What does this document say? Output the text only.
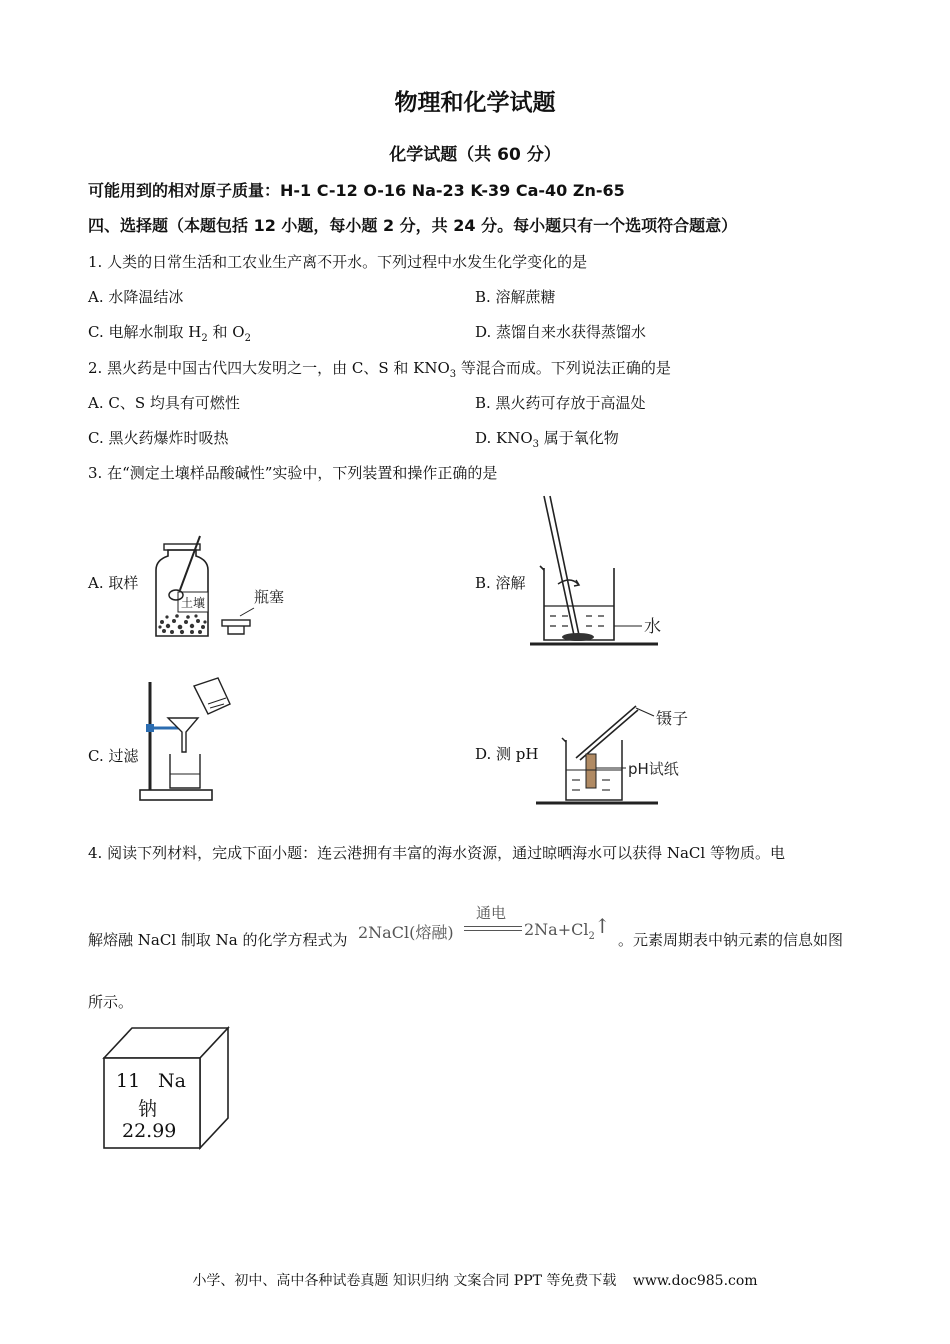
物理和化学试题
化学试题（共 60 分）
可能用到的相对原子质量：H-1 C-12 O-16 Na-23 K-39 Ca-40 Zn-65
四、选择题（本题包括 12 小题，每小题 2 分，共 24 分。每小题只有一个选项符合题意）
1. 人类的日常生活和工农业生产离不开水。下列过程中水发生化学变化的是
A. 水降温结冰	B. 溶解蔗糖
C. 电解水制取 $H_2$ 和 $O_2$	D. 蒸馏自来水获得蒸馏水
2. 黑火药是中国古代四大发明之一，由 C、S 和 $KNO_3$ 等混合而成。下列说法正确的是
A. C、S 均具有可燃性	B. 黑火药可存放于高温处
C. 黑火药爆炸时吸热	D. $KNO_3$ 属于氧化物
3. 在“测定土壤样品酸碱性”实验中，下列装置和操作正确的是
A. 取样	B. 溶解
C. 过滤	D. 测 pH
土壤	瓶塞
水
镊子
pH试纸
4. 阅读下列材料，完成下面小题：连云港拥有丰富的海水资源，通过晾晒海水可以获得 NaCl 等物质。电
解熔融 NaCl 制取 Na 的化学方程式为 2NaCl(熔融)
通电
$2Na+Cl_2$ ↑
。元素周期表中钠元素的信息如图
所示。
11 Na
钠
22.99
小学、初中、高中各种试卷真题 知识归纳 文案合同 PPT 等免费下载 www.doc985.com
